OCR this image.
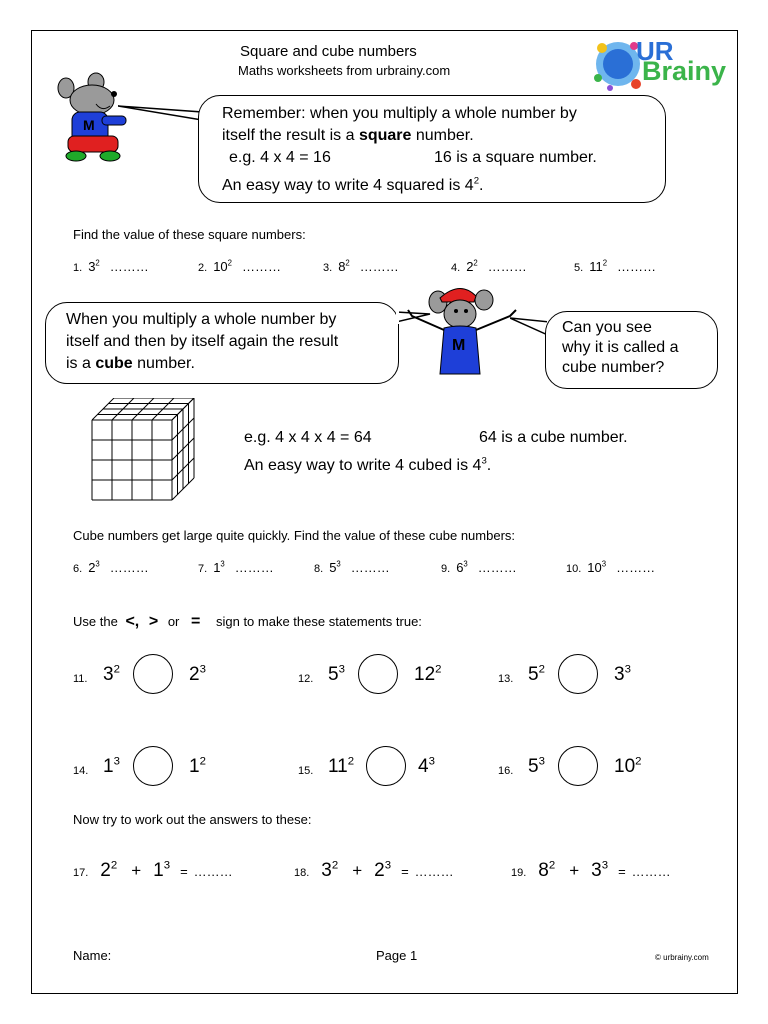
Square and cube numbers
Maths worksheets from urbrainy.com
UR
Brainy
M
Remember: when you multiply a whole number by
itself the result is a square number.
e.g. 4 x 4 = 16	16 is a square number.
An easy way to write 4 squared is $4^2$.
Find the value of these square numbers:
1. $3^2$ ………	2. $10^2$ ………	3. $8^2$ ………	4. $2^2$ ………	5. $11^2$ ………
When you multiply a whole number by
itself and then by itself again the result
is a cube number.
M
Can you see
why it is called a
cube number?
e.g. 4 x 4 x 4 = 64	64 is a cube number.
An easy way to write 4 cubed is $4^3$.
Cube numbers get large quite quickly. Find the value of these cube numbers:
6. $2^3$ ………	7. $1^3$ ………	8. $5^3$ ………	9. $6^3$ ………	10. $10^3$ ………
Use the <, > or = sign to make these statements true:
11. $3^2$	$2^3$
12. $5^3$	$12^2$
13. $5^2$	$3^3$
14. $1^3$	$1^2$
15. $11^2$	$4^3$
16. $5^3$	$10^2$
Now try to work out the answers to these:
17. $2^2 + 1^3$ = ………	18. $3^2 + 2^3$ = ………	19. $8^2 + 3^3$ = ………
Name:	Page 1	© urbrainy.com
